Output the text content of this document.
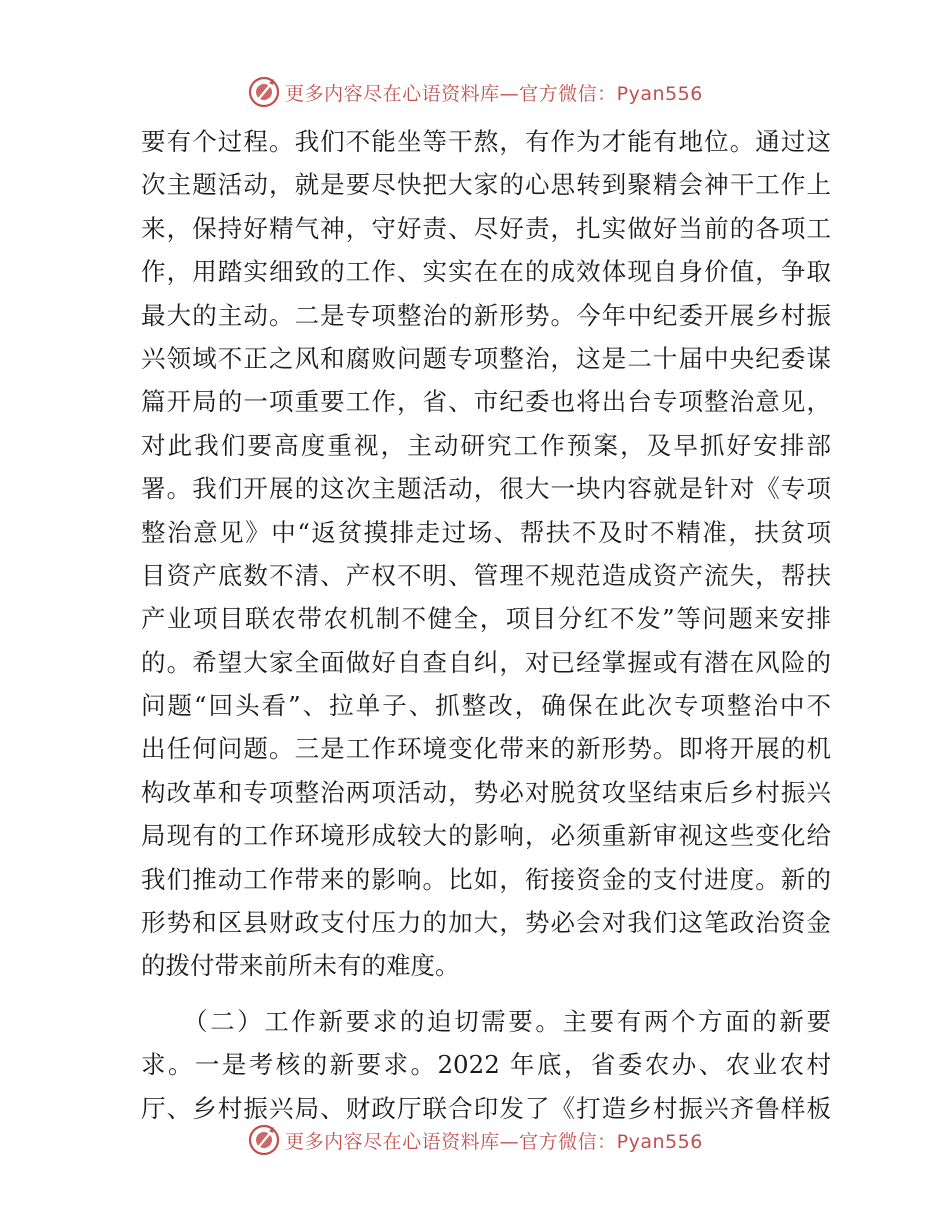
更多内容尽在心语资料库—官方微信：Pyan556
要有个过程。我们不能坐等干熬，有作为才能有地位。通过这
次主题活动，就是要尽快把大家的心思转到聚精会神干工作上
来，保持好精气神，守好责、尽好责，扎实做好当前的各项工
作，用踏实细致的工作、实实在在的成效体现自身价值，争取
最大的主动。二是专项整治的新形势。今年中纪委开展乡村振
兴领域不正之风和腐败问题专项整治，这是二十届中央纪委谋
篇开局的一项重要工作，省、市纪委也将出台专项整治意见，
对此我们要高度重视，主动研究工作预案，及早抓好安排部
署。我们开展的这次主题活动，很大一块内容就是针对《专项
整治意见》中“返贫摸排走过场、帮扶不及时不精准，扶贫项
目资产底数不清、产权不明、管理不规范造成资产流失，帮扶
产业项目联农带农机制不健全，项目分红不发”等问题来安排
的。希望大家全面做好自查自纠，对已经掌握或有潜在风险的
问题“回头看”、拉单子、抓整改，确保在此次专项整治中不
出任何问题。三是工作环境变化带来的新形势。即将开展的机
构改革和专项整治两项活动，势必对脱贫攻坚结束后乡村振兴
局现有的工作环境形成较大的影响，必须重新审视这些变化给
我们推动工作带来的影响。比如，衔接资金的支付进度。新的
形势和区县财政支付压力的加大，势必会对我们这笔政治资金
的拨付带来前所未有的难度。
　　（二）工作新要求的迫切需要。主要有两个方面的新要
求。一是考核的新要求。2022 年底，省委农办、农业农村
厅、乡村振兴局、财政厅联合印发了《打造乡村振兴齐鲁样板
更多内容尽在心语资料库—官方微信：Pyan556
